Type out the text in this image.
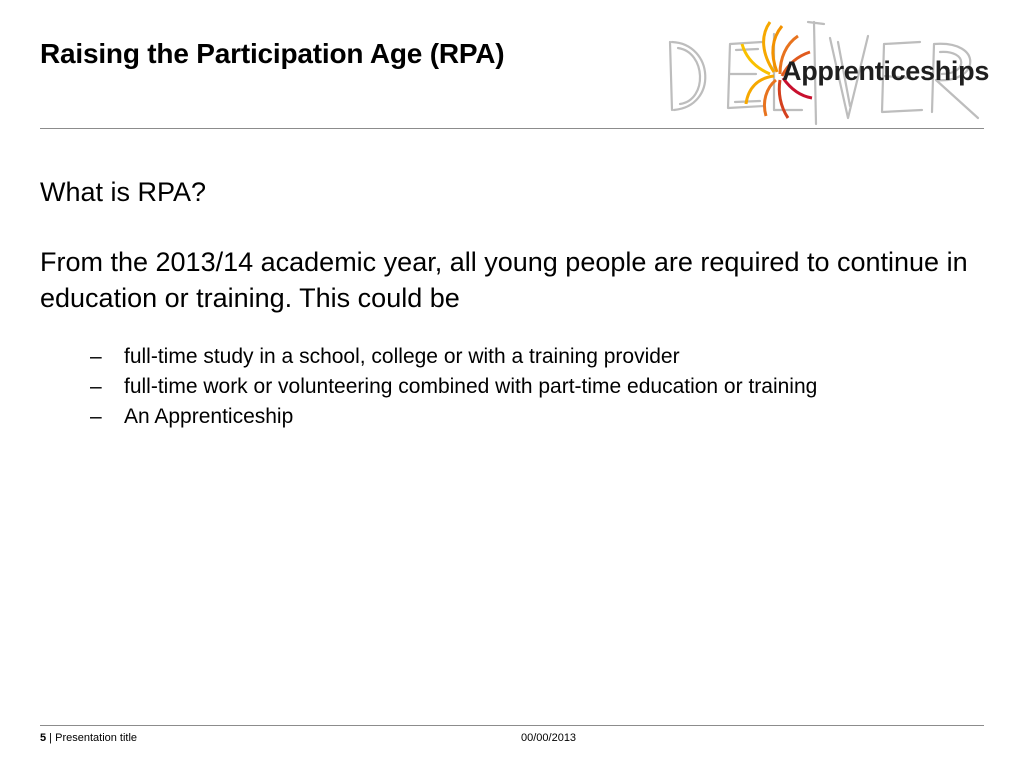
Raising the Participation Age (RPA)
Apprenticeships

What is RPA?

From the 2013/14 academic year, all young people are required to continue in education or training. This could be

– full-time study in a school, college or with a training provider
– full-time work or volunteering combined with part-time education or training
– An Apprenticeship
5 | Presentation title	00/00/2013
